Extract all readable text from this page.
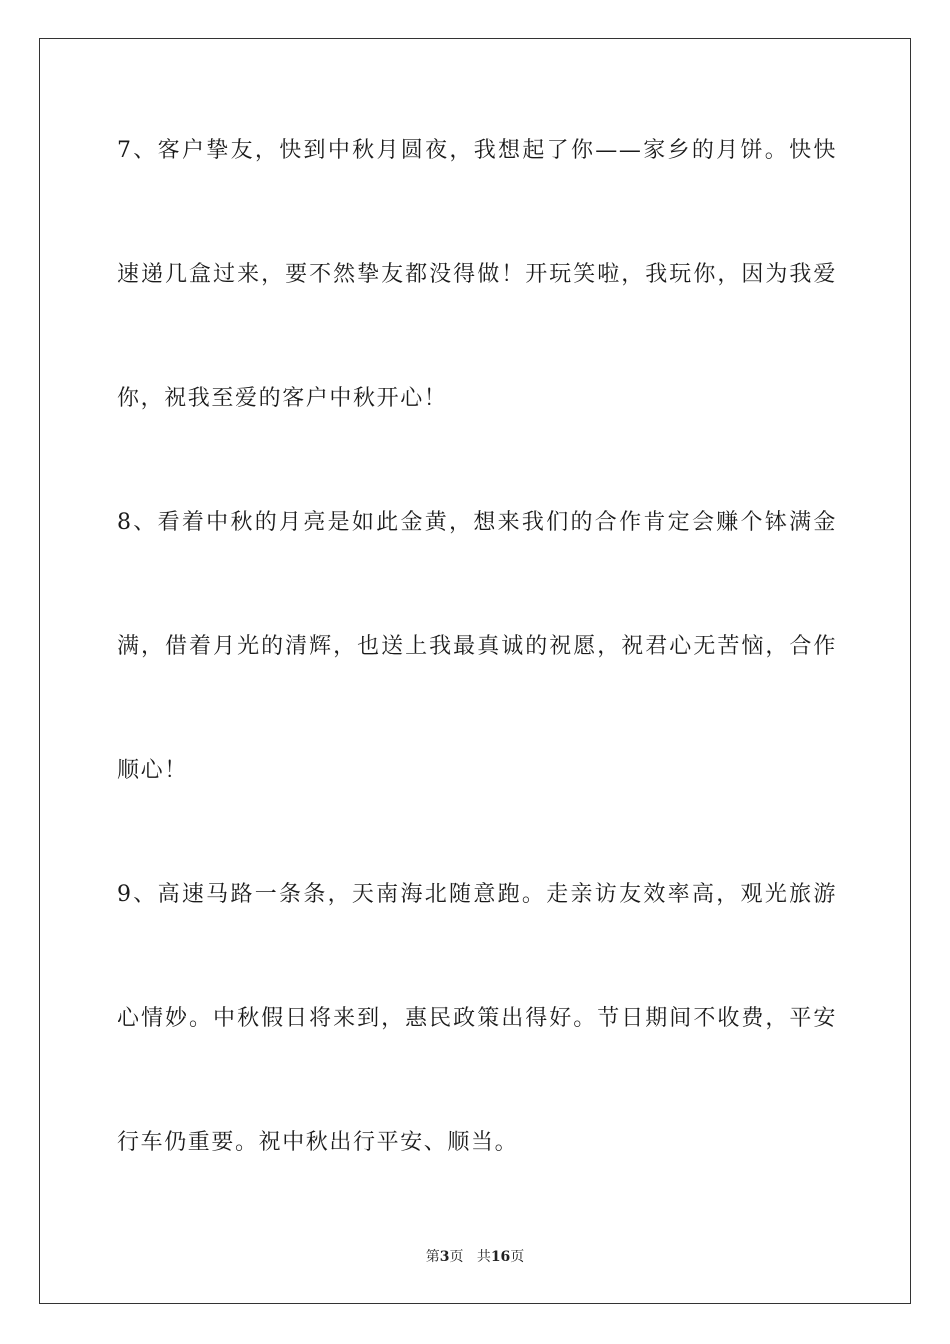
7、客户挚友，快到中秋月圆夜，我想起了你——家乡的月饼。快快
速递几盒过来，要不然挚友都没得做！开玩笑啦，我玩你，因为我爱
你，祝我至爱的客户中秋开心！
8、看着中秋的月亮是如此金黄，想来我们的合作肯定会赚个钵满金
满，借着月光的清辉，也送上我最真诚的祝愿，祝君心无苦恼，合作
顺心！
9、高速马路一条条，天南海北随意跑。走亲访友效率高，观光旅游
心情妙。中秋假日将来到，惠民政策出得好。节日期间不收费，平安
行车仍重要。祝中秋出行平安、顺当。
第3页 共16页
